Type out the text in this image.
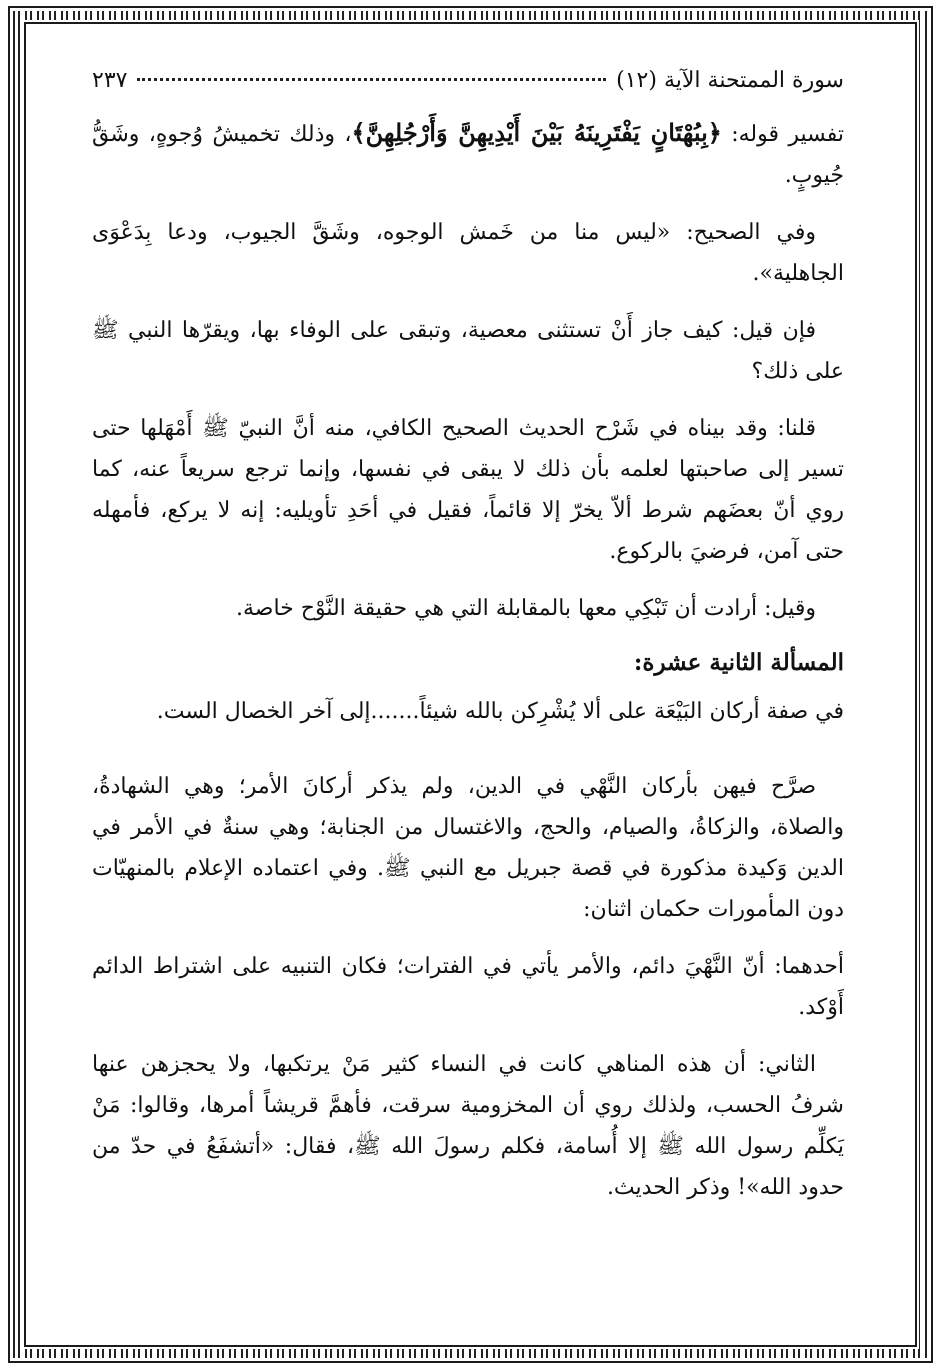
سورة الممتحنة الآية (١٢)
٢٣٧

تفسير قوله: ﴿بِبُهْتَانٍ يَفْتَرِينَهُ بَيْنَ أَيْدِيهِنَّ وَأَرْجُلِهِنَّ﴾، وذلك تخميشُ وُجوهٍ، وشَقُّ جُيوبٍ.

وفي الصحيح: «ليس منا من خَمش الوجوه، وشَقَّ الجيوب، ودعا بِدَعْوَى الجاهلية».

فإن قيل: كيف جاز أَنْ تستثنى معصية، وتبقى على الوفاء بها، ويقرّها النبي ﷺ على ذلك؟

قلنا: وقد بيناه في شَرْح الحديث الصحيح الكافي، منه أنَّ النبيّ ﷺ أَمْهَلها حتى تسير إلى صاحبتها لعلمه بأن ذلك لا يبقى في نفسها، وإنما ترجع سريعاً عنه، كما روي أنّ بعضَهم شرط ألاّ يخرّ إلا قائماً، فقيل في أحَدِ تأويليه: إنه لا يركع، فأمهله حتى آمن، فرضيَ بالركوع.

وقيل: أرادت أن تَبْكِي معها بالمقابلة التي هي حقيقة النَّوْح خاصة.

المسألة الثانية عشرة:

في صفة أركان البَيْعَة على ألا يُشْرِكن بالله شيئاً.......إلى آخر الخصال الست.

صرَّح فيهن بأركان النَّهْي في الدين، ولم يذكر أركانَ الأمر؛ وهي الشهادةُ، والصلاة، والزكاةُ، والصيام، والحج، والاغتسال من الجنابة؛ وهي سنةٌ في الأمر في الدين وَكيدة مذكورة في قصة جبريل مع النبي ﷺ. وفي اعتماده الإعلام بالمنهيّات دون المأمورات حكمان اثنان:

أحدهما: أنّ النَّهْيَ دائم، والأمر يأتي في الفترات؛ فكان التنبيه على اشتراط الدائم أَوْكد.

الثاني: أن هذه المناهي كانت في النساء كثير مَنْ يرتكبها، ولا يحجزهن عنها شرفُ الحسب، ولذلك روي أن المخزومية سرقت، فأهمَّ قريشاً أمرها، وقالوا: مَنْ يَكلِّم رسول الله ﷺ إلا أُسامة، فكلم رسولَ الله ﷺ، فقال: «أتشفَعُ في حدّ من حدود الله»! وذكر الحديث.
